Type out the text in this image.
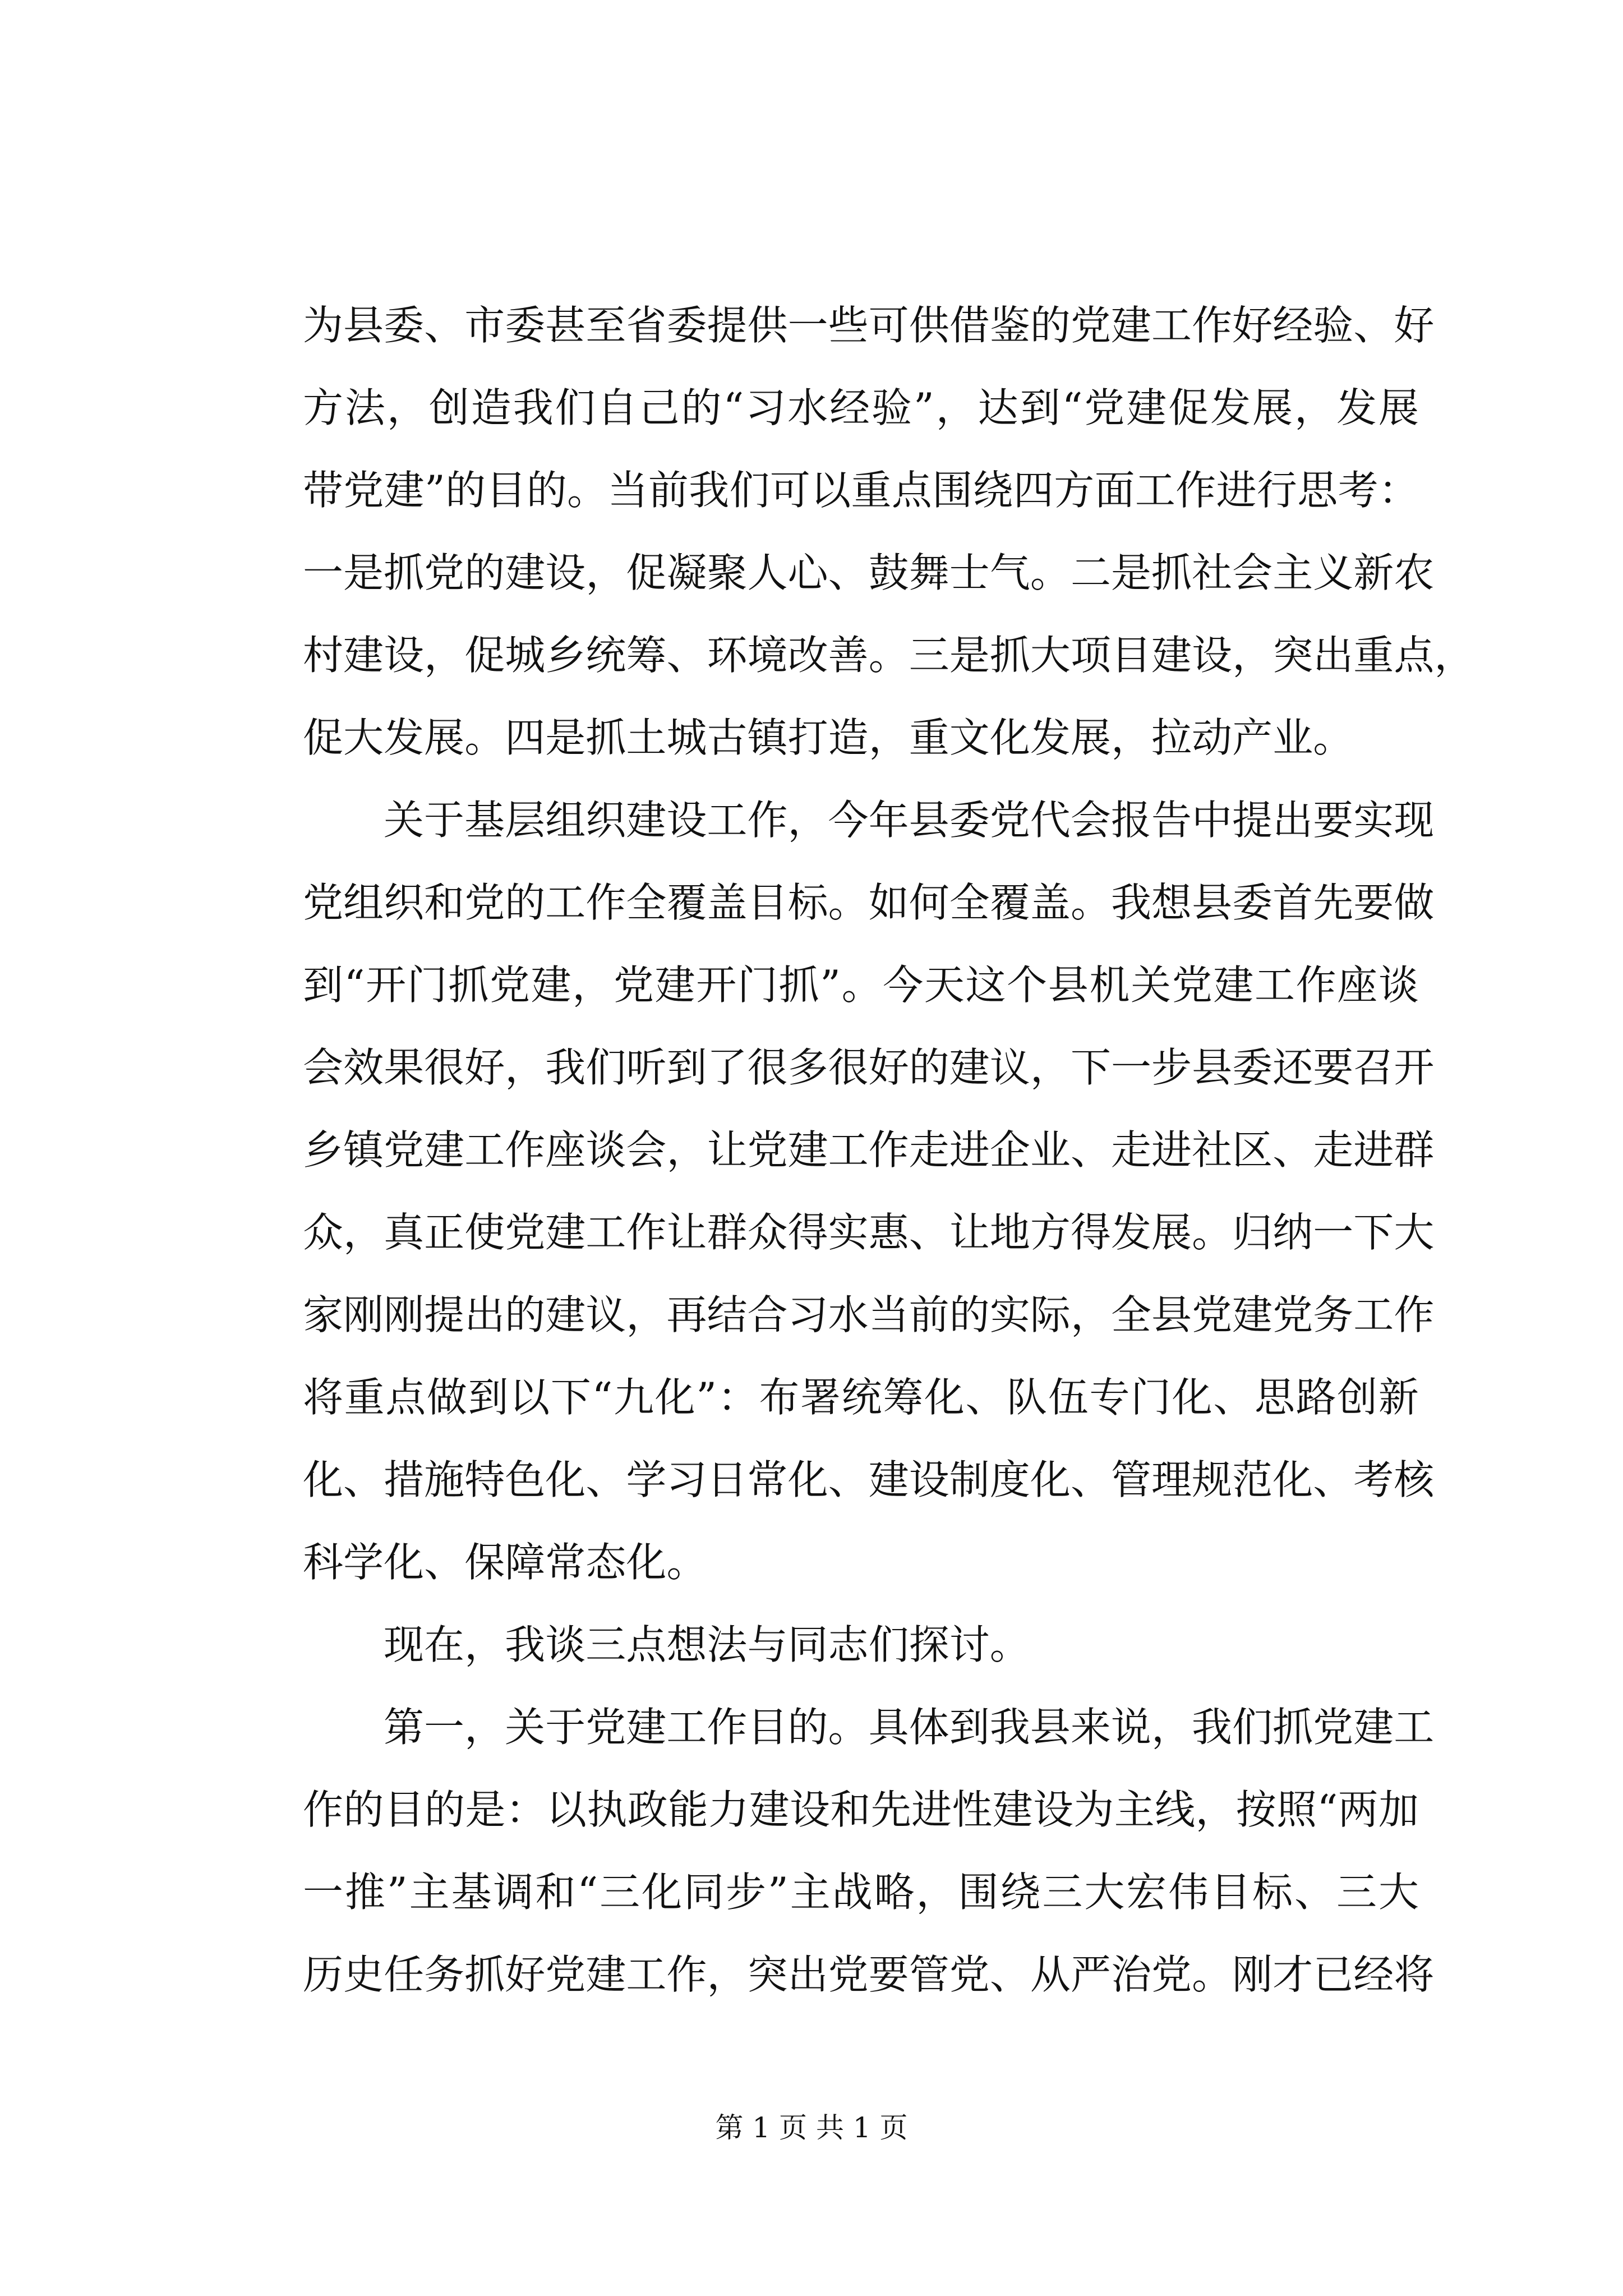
为县委、市委甚至省委提供一些可供借鉴的党建工作好经验、好
方法，创造我们自己的“习水经验”，达到“党建促发展，发展
带党建”的目的。当前我们可以重点围绕四方面工作进行思考：
一是抓党的建设，促凝聚人心、鼓舞士气。二是抓社会主义新农
村建设，促城乡统筹、环境改善。三是抓大项目建设，突出重点，
促大发展。四是抓土城古镇打造，重文化发展，拉动产业。
关于基层组织建设工作，今年县委党代会报告中提出要实现
党组织和党的工作全覆盖目标。如何全覆盖。我想县委首先要做
到“开门抓党建，党建开门抓”。今天这个县机关党建工作座谈
会效果很好，我们听到了很多很好的建议，下一步县委还要召开
乡镇党建工作座谈会，让党建工作走进企业、走进社区、走进群
众，真正使党建工作让群众得实惠、让地方得发展。归纳一下大
家刚刚提出的建议，再结合习水当前的实际，全县党建党务工作
将重点做到以下“九化”：布署统筹化、队伍专门化、思路创新
化、措施特色化、学习日常化、建设制度化、管理规范化、考核
科学化、保障常态化。
现在，我谈三点想法与同志们探讨。
第一，关于党建工作目的。具体到我县来说，我们抓党建工
作的目的是：以执政能力建设和先进性建设为主线，按照“两加
一推”主基调和“三化同步”主战略，围绕三大宏伟目标、三大
历史任务抓好党建工作，突出党要管党、从严治党。刚才已经将
第 1 页 共 1 页
